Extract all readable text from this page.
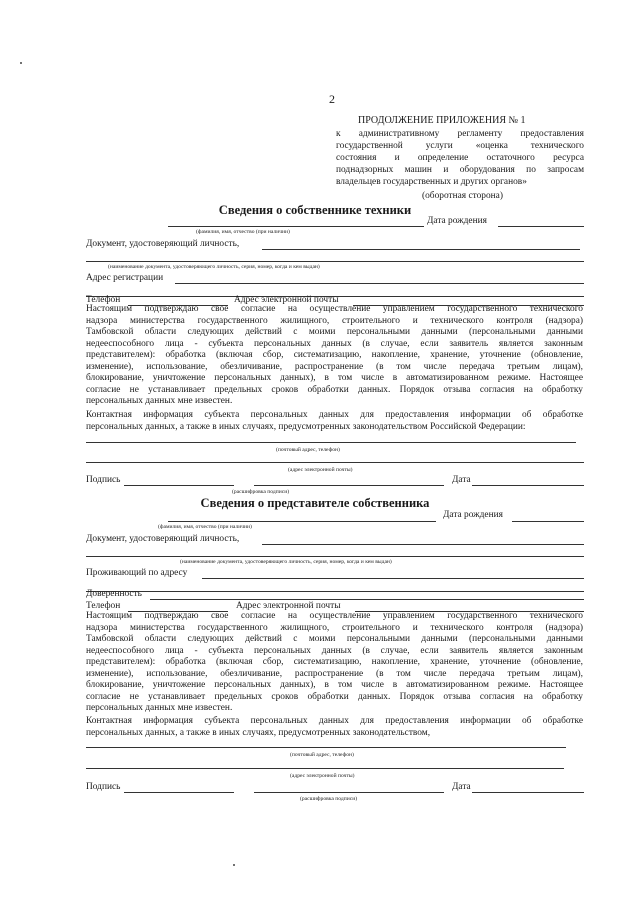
2
ПРОДОЛЖЕНИЕ ПРИЛОЖЕНИЯ № 1
к административному регламенту предоставления
государственной услуги «оценка технического
состояния и определение остаточного ресурса
поднадзорных машин и оборудования по запросам
владельцев государственных и других органов»
(оборотная сторона)
Сведения о собственнике техники
Дата рождения
(фамилия, имя, отчество (при наличии)
Документ, удостоверяющий личность,
(наименование документа, удостоверяющего личность, серия, номер, когда и кем выдан)
Адрес регистрации
Телефон	Адрес электронной почты
Настоящим подтверждаю свое согласие на осуществление управлением государственного технического
надзора министерства государственного жилищного, строительного и технического контроля (надзора)
Тамбовской области следующих действий с моими персональными данными (персональными данными
недееспособного лица - субъекта персональных данных (в случае, если заявитель является законным
представителем): обработка (включая сбор, систематизацию, накопление, хранение, уточнение (обновление,
изменение), использование, обезличивание, распространение (в том числе передача третьим лицам),
блокирование, уничтожение персональных данных), в том числе в автоматизированном режиме. Настоящее
согласие не устанавливает предельных сроков обработки данных. Порядок отзыва согласия на обработку
персональных данных мне известен.
Контактная информация субъекта персональных данных для предоставления информации об обработке
персональных данных, а также в иных случаях, предусмотренных законодательством Российской Федерации:
(почтовый адрес, телефон)
(адрес электронной почты)
Подпись	Дата
(расшифровка подписи)
Сведения о представителе собственника
Дата рождения
(фамилия, имя, отчество (при наличии)
Документ, удостоверяющий личность,
(наименование документа, удостоверяющего личность, серия, номер, когда и кем выдан)
Проживающий по адресу
Доверенность
Телефон	Адрес электронной почты
Настоящим подтверждаю свое согласие на осуществление управлением государственного технического
надзора министерства государственного жилищного, строительного и технического контроля (надзора)
Тамбовской области следующих действий с моими персональными данными (персональными данными
недееспособного лица - субъекта персональных данных (в случае, если заявитель является законным
представителем): обработка (включая сбор, систематизацию, накопление, хранение, уточнение (обновление,
изменение), использование, обезличивание, распространение (в том числе передача третьим лицам),
блокирование, уничтожение персональных данных), в том числе в автоматизированном режиме. Настоящее
согласие не устанавливает предельных сроков обработки данных. Порядок отзыва согласия на обработку
персональных данных мне известен.
Контактная информация субъекта персональных данных для предоставления информации об обработке
персональных данных, а также в иных случаях, предусмотренных законодательством,
(почтовый адрес, телефон)
(адрес электронной почты)
Подпись	Дата
(расшифровка подписи)
